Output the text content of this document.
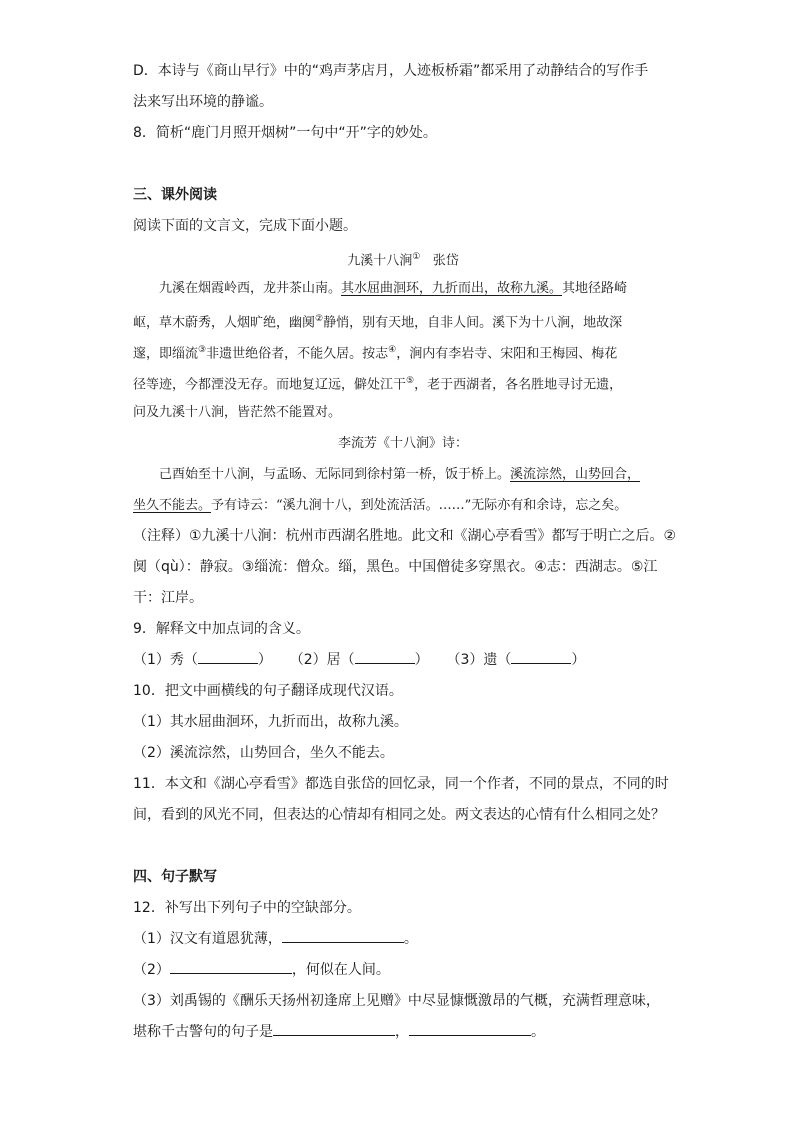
D．本诗与《商山早行》中的“鸡声茅店月，人迹板桥霜”都采用了动静结合的写作手
法来写出环境的静谧。
8．简析“鹿门月照开烟树”一句中“开”字的妙处。
三、课外阅读
阅读下面的文言文，完成下面小题。
九溪十八涧① 张岱
九溪在烟霞岭西，龙井茶山南。其水屈曲洄环，九折而出，故称九溪。其地径路崎
岖，草木蔚秀，人烟旷绝，幽阒②静悄，别有天地，自非人间。溪下为十八涧，地故深
邃，即缁流③非遗世绝俗者，不能久居。按志④，涧内有李岩寺、宋阳和王梅园、梅花
径等迹，今都湮没无存。而地复辽远，僻处江干⑤，老于西湖者，各名胜地寻讨无遗，
问及九溪十八涧，皆茫然不能置对。
李流芳《十八涧》诗：
己酉始至十八涧，与孟旸、无际同到徐村第一桥，饭于桥上。溪流淙然，山势回合，
坐久不能去。予有诗云：“溪九涧十八，到处流活活。……”无际亦有和余诗，忘之矣。
（注释）①九溪十八涧：杭州市西湖名胜地。此文和《湖心亭看雪》都写于明亡之后。②
阒（qù）：静寂。③缁流：僧众。缁，黑色。中国僧徒多穿黑衣。④志：西湖志。⑤江
干：江岸。
9．解释文中加点词的含义。
（1）秀（	） （2）居（	） （3）遗（	）
10．把文中画横线的句子翻译成现代汉语。
（1）其水屈曲洄环，九折而出，故称九溪。
（2）溪流淙然，山势回合，坐久不能去。
11．本文和《湖心亭看雪》都选自张岱的回忆录，同一个作者，不同的景点，不同的时
间，看到的风光不同，但表达的心情却有相同之处。两文表达的心情有什么相同之处？
四、句子默写
12．补写出下列句子中的空缺部分。
（1）汉文有道恩犹薄，	。
（2）	，何似在人间。
（3）刘禹锡的《酬乐天扬州初逢席上见赠》中尽显慷慨激昂的气概，充满哲理意味，
堪称千古警句的句子是	，	。
